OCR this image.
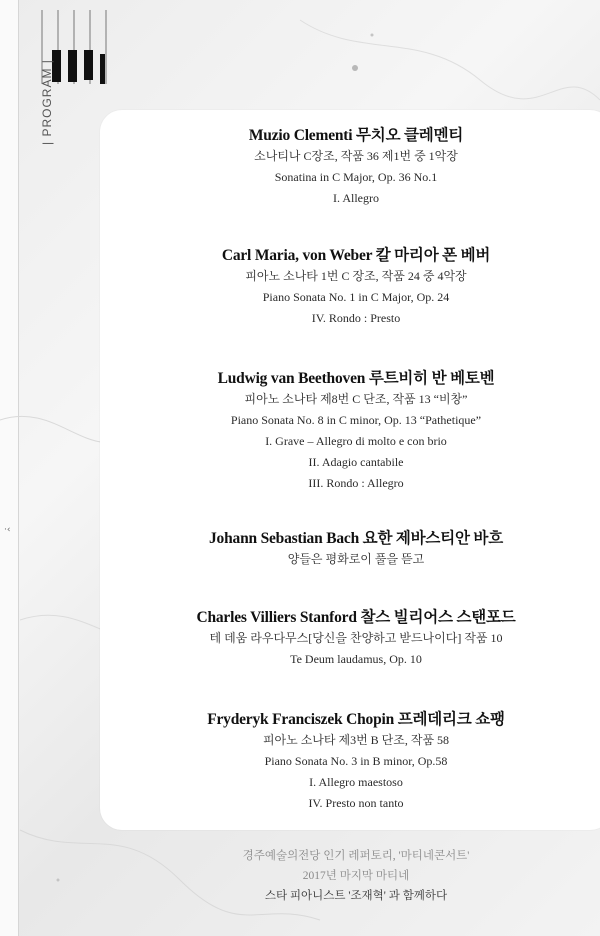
| PROGRAM |
·‹
Muzio Clementi 무치오 클레멘티
소나티나 C장조, 작품 36 제1번 중 1악장
Sonatina in C Major, Op. 36 No.1
I. Allegro
Carl Maria, von Weber 칼 마리아 폰 베버
피아노 소나타 1번 C 장조, 작품 24 중 4악장
Piano Sonata No. 1 in C Major, Op. 24
IV. Rondo : Presto
Ludwig van Beethoven 루트비히 반 베토벤
피아노 소나타 제8번 C 단조, 작품 13 “비창”
Piano Sonata No. 8 in C minor, Op. 13 “Pathetique”
I. Grave – Allegro di molto e con brio
II. Adagio cantabile
III. Rondo : Allegro
Johann Sebastian Bach 요한 제바스티안 바흐
양들은 평화로이 풀을 뜯고
Charles Villiers Stanford 찰스 빌리어스 스탠포드
테 데움 라우다무스[당신을 찬양하고 받드나이다] 작품 10
Te Deum laudamus, Op. 10
Fryderyk Franciszek Chopin 프레데리크 쇼팽
피아노 소나타 제3번 B 단조, 작품 58
Piano Sonata No. 3 in B minor, Op.58
I. Allegro maestoso
IV. Presto non tanto
경주예술의전당 인기 레퍼토리, '마티네콘서트'
2017년 마지막 마티네
스타 피아니스트 '조재혁' 과 함께하다
